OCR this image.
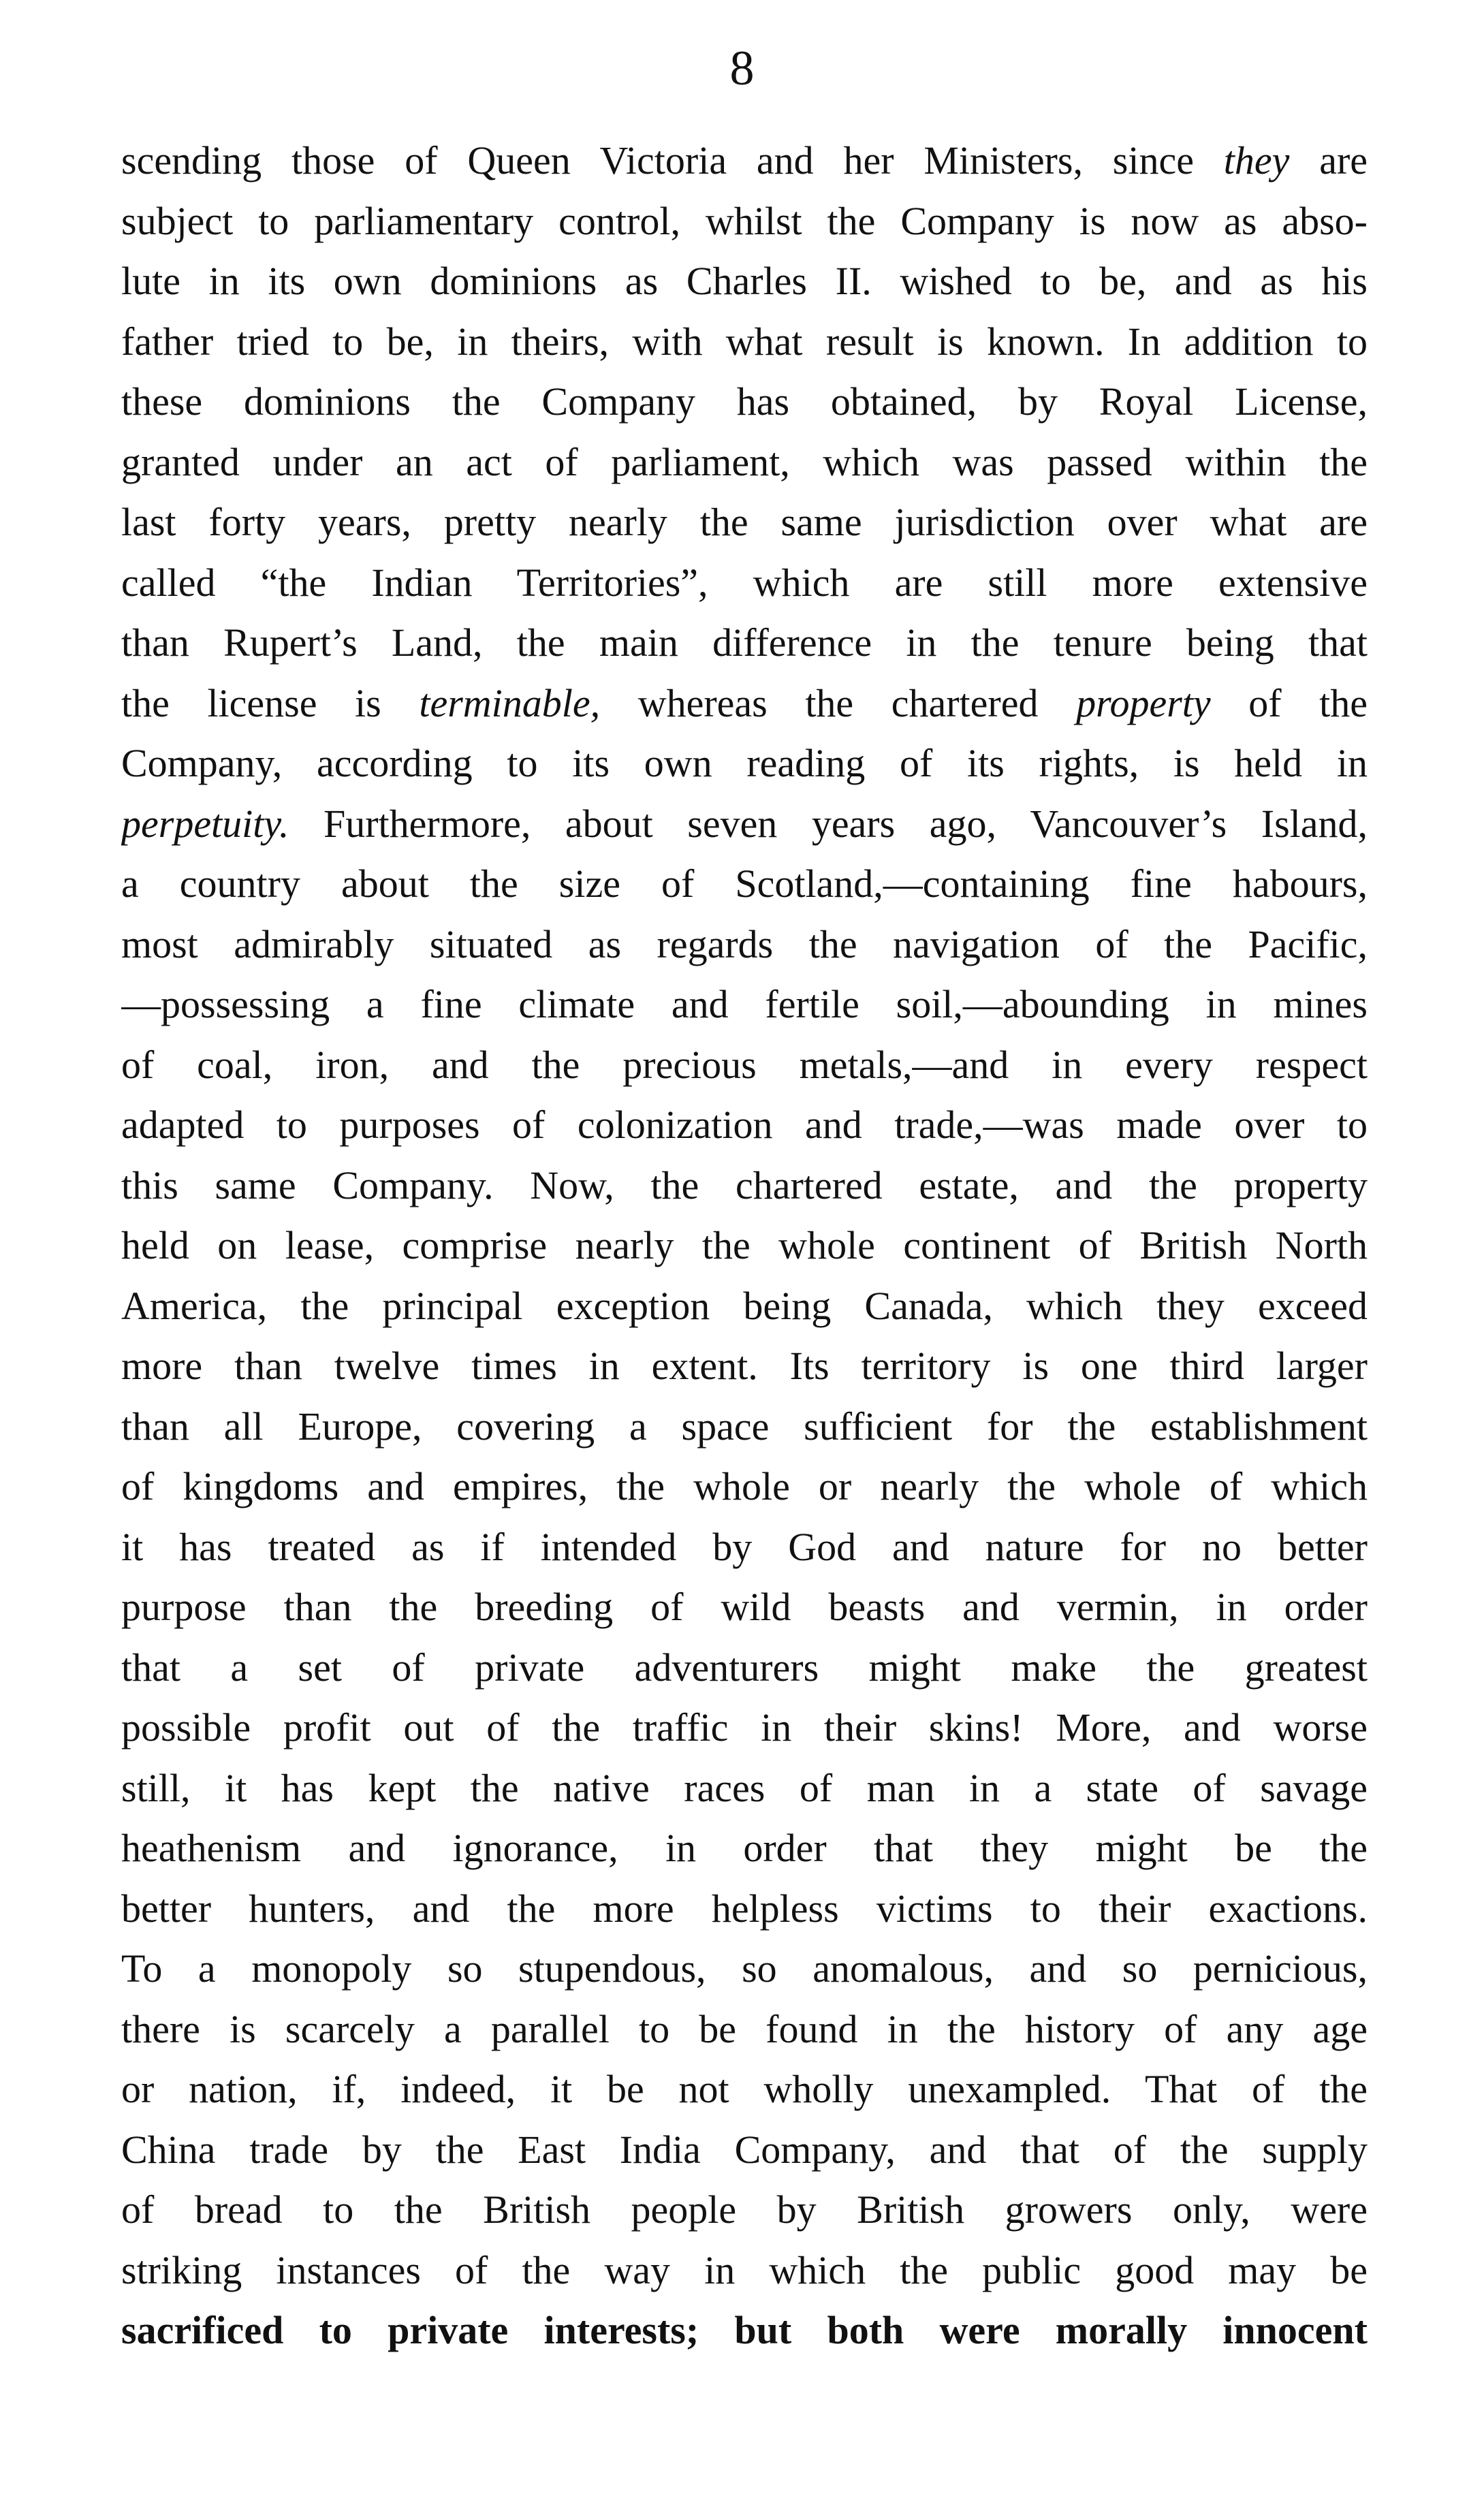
8
scending those of Queen Victoria and her Ministers, since they are
subject to parliamentary control, whilst the Company is now as abso-
lute in its own dominions as Charles II. wished to be, and as his
father tried to be, in theirs, with what result is known. In addition to
these dominions the Company has obtained, by Royal License,
granted under an act of parliament, which was passed within the
last forty years, pretty nearly the same jurisdiction over what are
called “the Indian Territories”, which are still more extensive
than Rupert’s Land, the main difference in the tenure being that
the license is terminable, whereas the chartered property of the
Company, according to its own reading of its rights, is held in
perpetuity. Furthermore, about seven years ago, Vancouver’s Island,
a country about the size of Scotland,—containing fine habours,
most admirably situated as regards the navigation of the Pacific,
—possessing a fine climate and fertile soil,—abounding in mines
of coal, iron, and the precious metals,—and in every respect
adapted to purposes of colonization and trade,—was made over to
this same Company. Now, the chartered estate, and the property
held on lease, comprise nearly the whole continent of British North
America, the principal exception being Canada, which they exceed
more than twelve times in extent. Its territory is one third larger
than all Europe, covering a space sufficient for the establishment
of kingdoms and empires, the whole or nearly the whole of which
it has treated as if intended by God and nature for no better
purpose than the breeding of wild beasts and vermin, in order
that a set of private adventurers might make the greatest
possible profit out of the traffic in their skins! More, and worse
still, it has kept the native races of man in a state of savage
heathenism and ignorance, in order that they might be the
better hunters, and the more helpless victims to their exactions.
To a monopoly so stupendous, so anomalous, and so pernicious,
there is scarcely a parallel to be found in the history of any age
or nation, if, indeed, it be not wholly unexampled. That of the
China trade by the East India Company, and that of the supply
of bread to the British people by British growers only, were
striking instances of the way in which the public good may be
sacrificed to private interests; but both were morally innocent
